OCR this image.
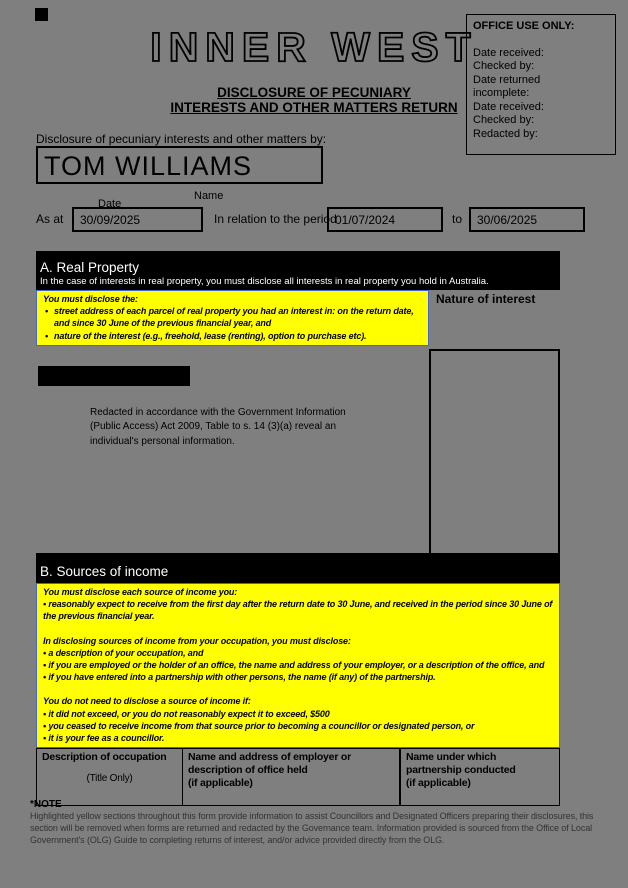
INNER WEST
DISCLOSURE OF PECUNIARY
INTERESTS AND OTHER MATTERS RETURN
OFFICE USE ONLY:
Date received:
Checked by:
Date returned
incomplete:
Date received:
Checked by:
Redacted by:
Disclosure of pecuniary interests and other matters by:
TOM WILLIAMS
Name
Date
As at	30/09/2025	In relation to the period
01/07/2024	to	30/06/2025
A. Real Property
In the case of interests in real property, you must disclose all interests in real property you hold in Australia.
You must disclose the:
• street address of each parcel of real property you had an interest in: on the return date, and since 30 June of the previous financial year, and
• nature of the interest (e.g., freehold, lease (renting), option to purchase etc).
Nature of interest
Redacted in accordance with the Government Information (Public Access) Act 2009, Table to s. 14 (3)(a) reveal an individual's personal information.
B. Sources of income
You must disclose each source of income you:
• reasonably expect to receive from the first day after the return date to 30 June, and received in the period since 30 June of the previous financial year.
In disclosing sources of income from your occupation, you must disclose:
• a description of your occupation, and
• if you are employed or the holder of an office, the name and address of your employer, or a description of the office, and
• if you have entered into a partnership with other persons, the name (if any) of the partnership.
You do not need to disclose a source of income if:
• it did not exceed, or you do not reasonably expect it to exceed, $500
• you ceased to receive income from that source prior to becoming a councillor or designated person, or
• it is your fee as a councillor.
Description of occupation
(Title Only)
Name and address of employer or description of office held
(if applicable)
Name under which partnership conducted
(if applicable)
*NOTE
Highlighted yellow sections throughout this form provide information to assist Councillors and Designated Officers preparing their disclosures, this section will be removed when forms are returned and redacted by the Governance team. Information provided is sourced from the Office of Local Government's (OLG) Guide to completing returns of interest, and/or advice provided directly from the OLG.
